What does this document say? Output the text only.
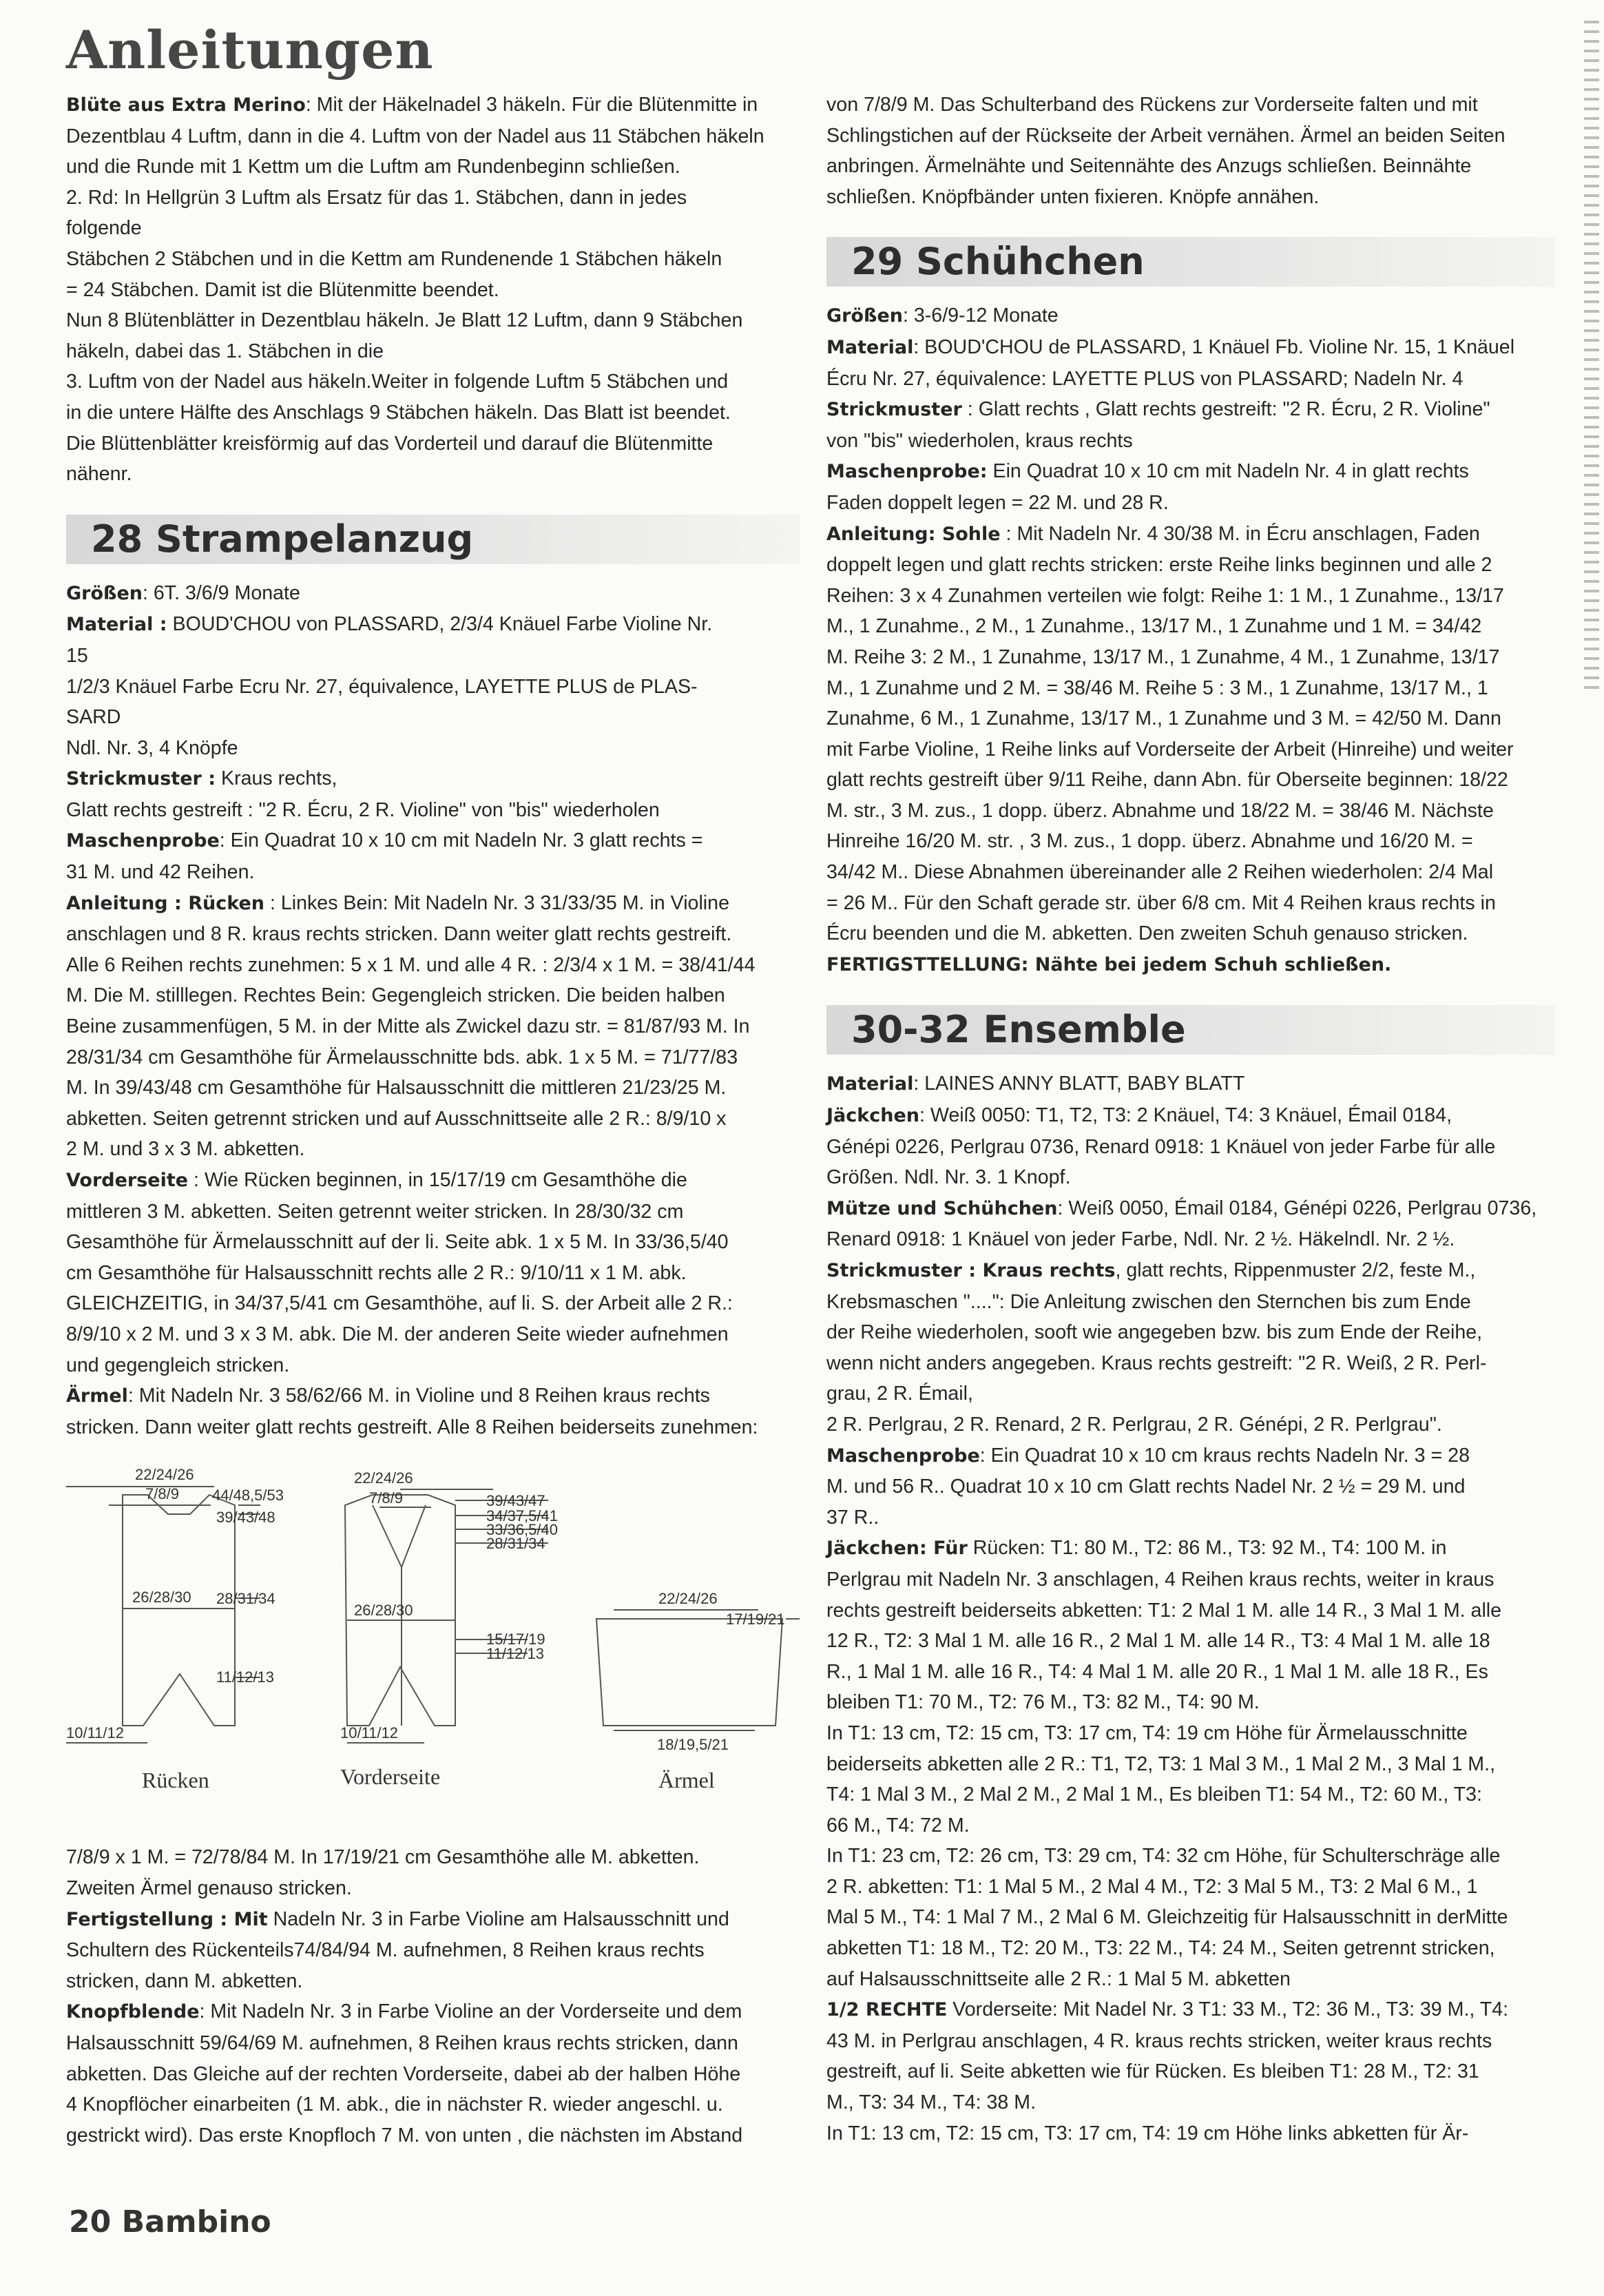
Anleitungen

Blüte aus Extra Merino: Mit der Häkelnadel 3 häkeln. Für die Blütenmitte in

Dezentblau 4 Luftm, dann in die 4. Luftm von der Nadel aus 11 Stäbchen häkeln

und die Runde mit 1 Kettm um die Luftm am Rundenbeginn schließen.

2. Rd: In Hellgrün 3 Luftm als Ersatz für das 1. Stäbchen, dann in jedes

folgende

Stäbchen 2 Stäbchen und in die Kettm am Rundenende 1 Stäbchen häkeln

= 24 Stäbchen. Damit ist die Blütenmitte beendet.

Nun 8 Blütenblätter in Dezentblau häkeln. Je Blatt 12 Luftm, dann 9 Stäbchen

häkeln, dabei das 1. Stäbchen in die

3. Luftm von der Nadel aus häkeln.Weiter in folgende Luftm 5 Stäbchen und

in die untere Hälfte des Anschlags 9 Stäbchen häkeln. Das Blatt ist beendet.

Die Blüttenblätter kreisförmig auf das Vorderteil und darauf die Blütenmitte

nähenr.

28 Strampelanzug

Größen: 6T. 3/6/9 Monate

Material : BOUD'CHOU von PLASSARD, 2/3/4 Knäuel Farbe Violine Nr.

15

1/2/3 Knäuel Farbe Ecru Nr. 27, équivalence, LAYETTE PLUS de PLAS-

SARD

Ndl. Nr. 3, 4 Knöpfe

Strickmuster : Kraus rechts,

Glatt rechts gestreift : "2 R. Écru, 2 R. Violine" von "bis" wiederholen

Maschenprobe: Ein Quadrat 10 x 10 cm mit Nadeln Nr. 3 glatt rechts =

31 M. und 42 Reihen.

Anleitung : Rücken : Linkes Bein: Mit Nadeln Nr. 3 31/33/35 M. in Violine

anschlagen und 8 R. kraus rechts stricken. Dann weiter glatt rechts gestreift.

Alle 6 Reihen rechts zunehmen: 5 x 1 M. und alle 4 R. : 2/3/4 x 1 M. = 38/41/44

M. Die M. stilllegen. Rechtes Bein: Gegengleich stricken. Die beiden halben

Beine zusammenfügen, 5 M. in der Mitte als Zwickel dazu str. = 81/87/93 M. In

28/31/34 cm Gesamthöhe für Ärmelausschnitte bds. abk. 1 x 5 M. = 71/77/83

M. In 39/43/48 cm Gesamthöhe für Halsausschnitt die mittleren 21/23/25 M.

abketten. Seiten getrennt stricken und auf Ausschnittseite alle 2 R.: 8/9/10 x

2 M. und 3 x 3 M. abketten.

Vorderseite : Wie Rücken beginnen, in 15/17/19 cm Gesamthöhe die

mittleren 3 M. abketten. Seiten getrennt weiter stricken. In 28/30/32 cm

Gesamthöhe für Ärmelausschnitt auf der li. Seite abk. 1 x 5 M. In 33/36,5/40

cm Gesamthöhe für Halsausschnitt rechts alle 2 R.: 9/10/11 x 1 M. abk.

GLEICHZEITIG, in 34/37,5/41 cm Gesamthöhe, auf li. S. der Arbeit alle 2 R.:

8/9/10 x 2 M. und 3 x 3 M. abk. Die M. der anderen Seite wieder aufnehmen

und gegengleich stricken.

Ärmel: Mit Nadeln Nr. 3 58/62/66 M. in Violine und 8 Reihen kraus rechts

stricken. Dann weiter glatt rechts gestreift. Alle 8 Reihen beiderseits zunehmen:

22/24/26
7/8/9 44/48,5/53
39/43/48
28/31/34
26/28/30
11/12/13
10/11/12
Rücken
22/24/26
7/8/9	39/43/47
34/37,5/41
33/36,5/40
28/31/34
26/28/30
15/17/19
11/12/13
10/11/12
Vorderseite
22/24/26
17/19/21
18/19,5/21
Ärmel

7/8/9 x 1 M. = 72/78/84 M. In 17/19/21 cm Gesamthöhe alle M. abketten.

Zweiten Ärmel genauso stricken.

Fertigstellung : Mit Nadeln Nr. 3 in Farbe Violine am Halsausschnitt und

Schultern des Rückenteils74/84/94 M. aufnehmen, 8 Reihen kraus rechts

stricken, dann M. abketten.

Knopfblende: Mit Nadeln Nr. 3 in Farbe Violine an der Vorderseite und dem

Halsausschnitt 59/64/69 M. aufnehmen, 8 Reihen kraus rechts stricken, dann

abketten. Das Gleiche auf der rechten Vorderseite, dabei ab der halben Höhe

4 Knopflöcher einarbeiten (1 M. abk., die in nächster R. wieder angeschl. u.

gestrickt wird). Das erste Knopfloch 7 M. von unten , die nächsten im Abstand

von 7/8/9 M. Das Schulterband des Rückens zur Vorderseite falten und mit

Schlingstichen auf der Rückseite der Arbeit vernähen. Ärmel an beiden Seiten

anbringen. Ärmelnähte und Seitennähte des Anzugs schließen. Beinnähte

schließen. Knöpfbänder unten fixieren. Knöpfe annähen.

29 Schühchen

Größen: 3-6/9-12 Monate

Material: BOUD'CHOU de PLASSARD, 1 Knäuel Fb. Violine Nr. 15, 1 Knäuel

Écru Nr. 27, équivalence: LAYETTE PLUS von PLASSARD; Nadeln Nr. 4

Strickmuster : Glatt rechts , Glatt rechts gestreift: "2 R. Écru, 2 R. Violine"

von "bis" wiederholen, kraus rechts

Maschenprobe: Ein Quadrat 10 x 10 cm mit Nadeln Nr. 4 in glatt rechts

Faden doppelt legen = 22 M. und 28 R.

Anleitung: Sohle : Mit Nadeln Nr. 4 30/38 M. in Écru anschlagen, Faden

doppelt legen und glatt rechts stricken: erste Reihe links beginnen und alle 2

Reihen: 3 x 4 Zunahmen verteilen wie folgt: Reihe 1: 1 M., 1 Zunahme., 13/17

M., 1 Zunahme., 2 M., 1 Zunahme., 13/17 M., 1 Zunahme und 1 M. = 34/42

M. Reihe 3: 2 M., 1 Zunahme, 13/17 M., 1 Zunahme, 4 M., 1 Zunahme, 13/17

M., 1 Zunahme und 2 M. = 38/46 M. Reihe 5 : 3 M., 1 Zunahme, 13/17 M., 1

Zunahme, 6 M., 1 Zunahme, 13/17 M., 1 Zunahme und 3 M. = 42/50 M. Dann

mit Farbe Violine, 1 Reihe links auf Vorderseite der Arbeit (Hinreihe) und weiter

glatt rechts gestreift über 9/11 Reihe, dann Abn. für Oberseite beginnen: 18/22

M. str., 3 M. zus., 1 dopp. überz. Abnahme und 18/22 M. = 38/46 M. Nächste

Hinreihe 16/20 M. str. , 3 M. zus., 1 dopp. überz. Abnahme und 16/20 M. =

34/42 M.. Diese Abnahmen übereinander alle 2 Reihen wiederholen: 2/4 Mal

= 26 M.. Für den Schaft gerade str. über 6/8 cm. Mit 4 Reihen kraus rechts in

Écru beenden und die M. abketten. Den zweiten Schuh genauso stricken.

FERTIGSTTELLUNG: Nähte bei jedem Schuh schließen.

30-32 Ensemble

Material: LAINES ANNY BLATT, BABY BLATT

Jäckchen: Weiß 0050: T1, T2, T3: 2 Knäuel, T4: 3 Knäuel, Émail 0184,

Génépi 0226, Perlgrau 0736, Renard 0918: 1 Knäuel von jeder Farbe für alle

Größen. Ndl. Nr. 3. 1 Knopf.

Mütze und Schühchen: Weiß 0050, Émail 0184, Génépi 0226, Perlgrau 0736,

Renard 0918: 1 Knäuel von jeder Farbe, Ndl. Nr. 2 ½. Häkelndl. Nr. 2 ½.

Strickmuster : Kraus rechts, glatt rechts, Rippenmuster 2/2, feste M.,

Krebsmaschen "....": Die Anleitung zwischen den Sternchen bis zum Ende

der Reihe wiederholen, sooft wie angegeben bzw. bis zum Ende der Reihe,

wenn nicht anders angegeben. Kraus rechts gestreift: "2 R. Weiß, 2 R. Perl-

grau, 2 R. Émail,

2 R. Perlgrau, 2 R. Renard, 2 R. Perlgrau, 2 R. Génépi, 2 R. Perlgrau".

Maschenprobe: Ein Quadrat 10 x 10 cm kraus rechts Nadeln Nr. 3 = 28

M. und 56 R.. Quadrat 10 x 10 cm Glatt rechts Nadel Nr. 2 ½ = 29 M. und

37 R..

Jäckchen: Für Rücken: T1: 80 M., T2: 86 M., T3: 92 M., T4: 100 M. in

Perlgrau mit Nadeln Nr. 3 anschlagen, 4 Reihen kraus rechts, weiter in kraus

rechts gestreift beiderseits abketten: T1: 2 Mal 1 M. alle 14 R., 3 Mal 1 M. alle

12 R., T2: 3 Mal 1 M. alle 16 R., 2 Mal 1 M. alle 14 R., T3: 4 Mal 1 M. alle 18

R., 1 Mal 1 M. alle 16 R., T4: 4 Mal 1 M. alle 20 R., 1 Mal 1 M. alle 18 R., Es

bleiben T1: 70 M., T2: 76 M., T3: 82 M., T4: 90 M.

In T1: 13 cm, T2: 15 cm, T3: 17 cm, T4: 19 cm Höhe für Ärmelausschnitte

beiderseits abketten alle 2 R.: T1, T2, T3: 1 Mal 3 M., 1 Mal 2 M., 3 Mal 1 M.,

T4: 1 Mal 3 M., 2 Mal 2 M., 2 Mal 1 M., Es bleiben T1: 54 M., T2: 60 M., T3:

66 M., T4: 72 M.

In T1: 23 cm, T2: 26 cm, T3: 29 cm, T4: 32 cm Höhe, für Schulterschräge alle

2 R. abketten: T1: 1 Mal 5 M., 2 Mal 4 M., T2: 3 Mal 5 M., T3: 2 Mal 6 M., 1

Mal 5 M., T4: 1 Mal 7 M., 2 Mal 6 M. Gleichzeitig für Halsausschnitt in derMitte

abketten T1: 18 M., T2: 20 M., T3: 22 M., T4: 24 M., Seiten getrennt stricken,

auf Halsausschnittseite alle 2 R.: 1 Mal 5 M. abketten

1/2 RECHTE Vorderseite: Mit Nadel Nr. 3 T1: 33 M., T2: 36 M., T3: 39 M., T4:

43 M. in Perlgrau anschlagen, 4 R. kraus rechts stricken, weiter kraus rechts

gestreift, auf li. Seite abketten wie für Rücken. Es bleiben T1: 28 M., T2: 31

M., T3: 34 M., T4: 38 M.

In T1: 13 cm, T2: 15 cm, T3: 17 cm, T4: 19 cm Höhe links abketten für Är-

20 Bambino
